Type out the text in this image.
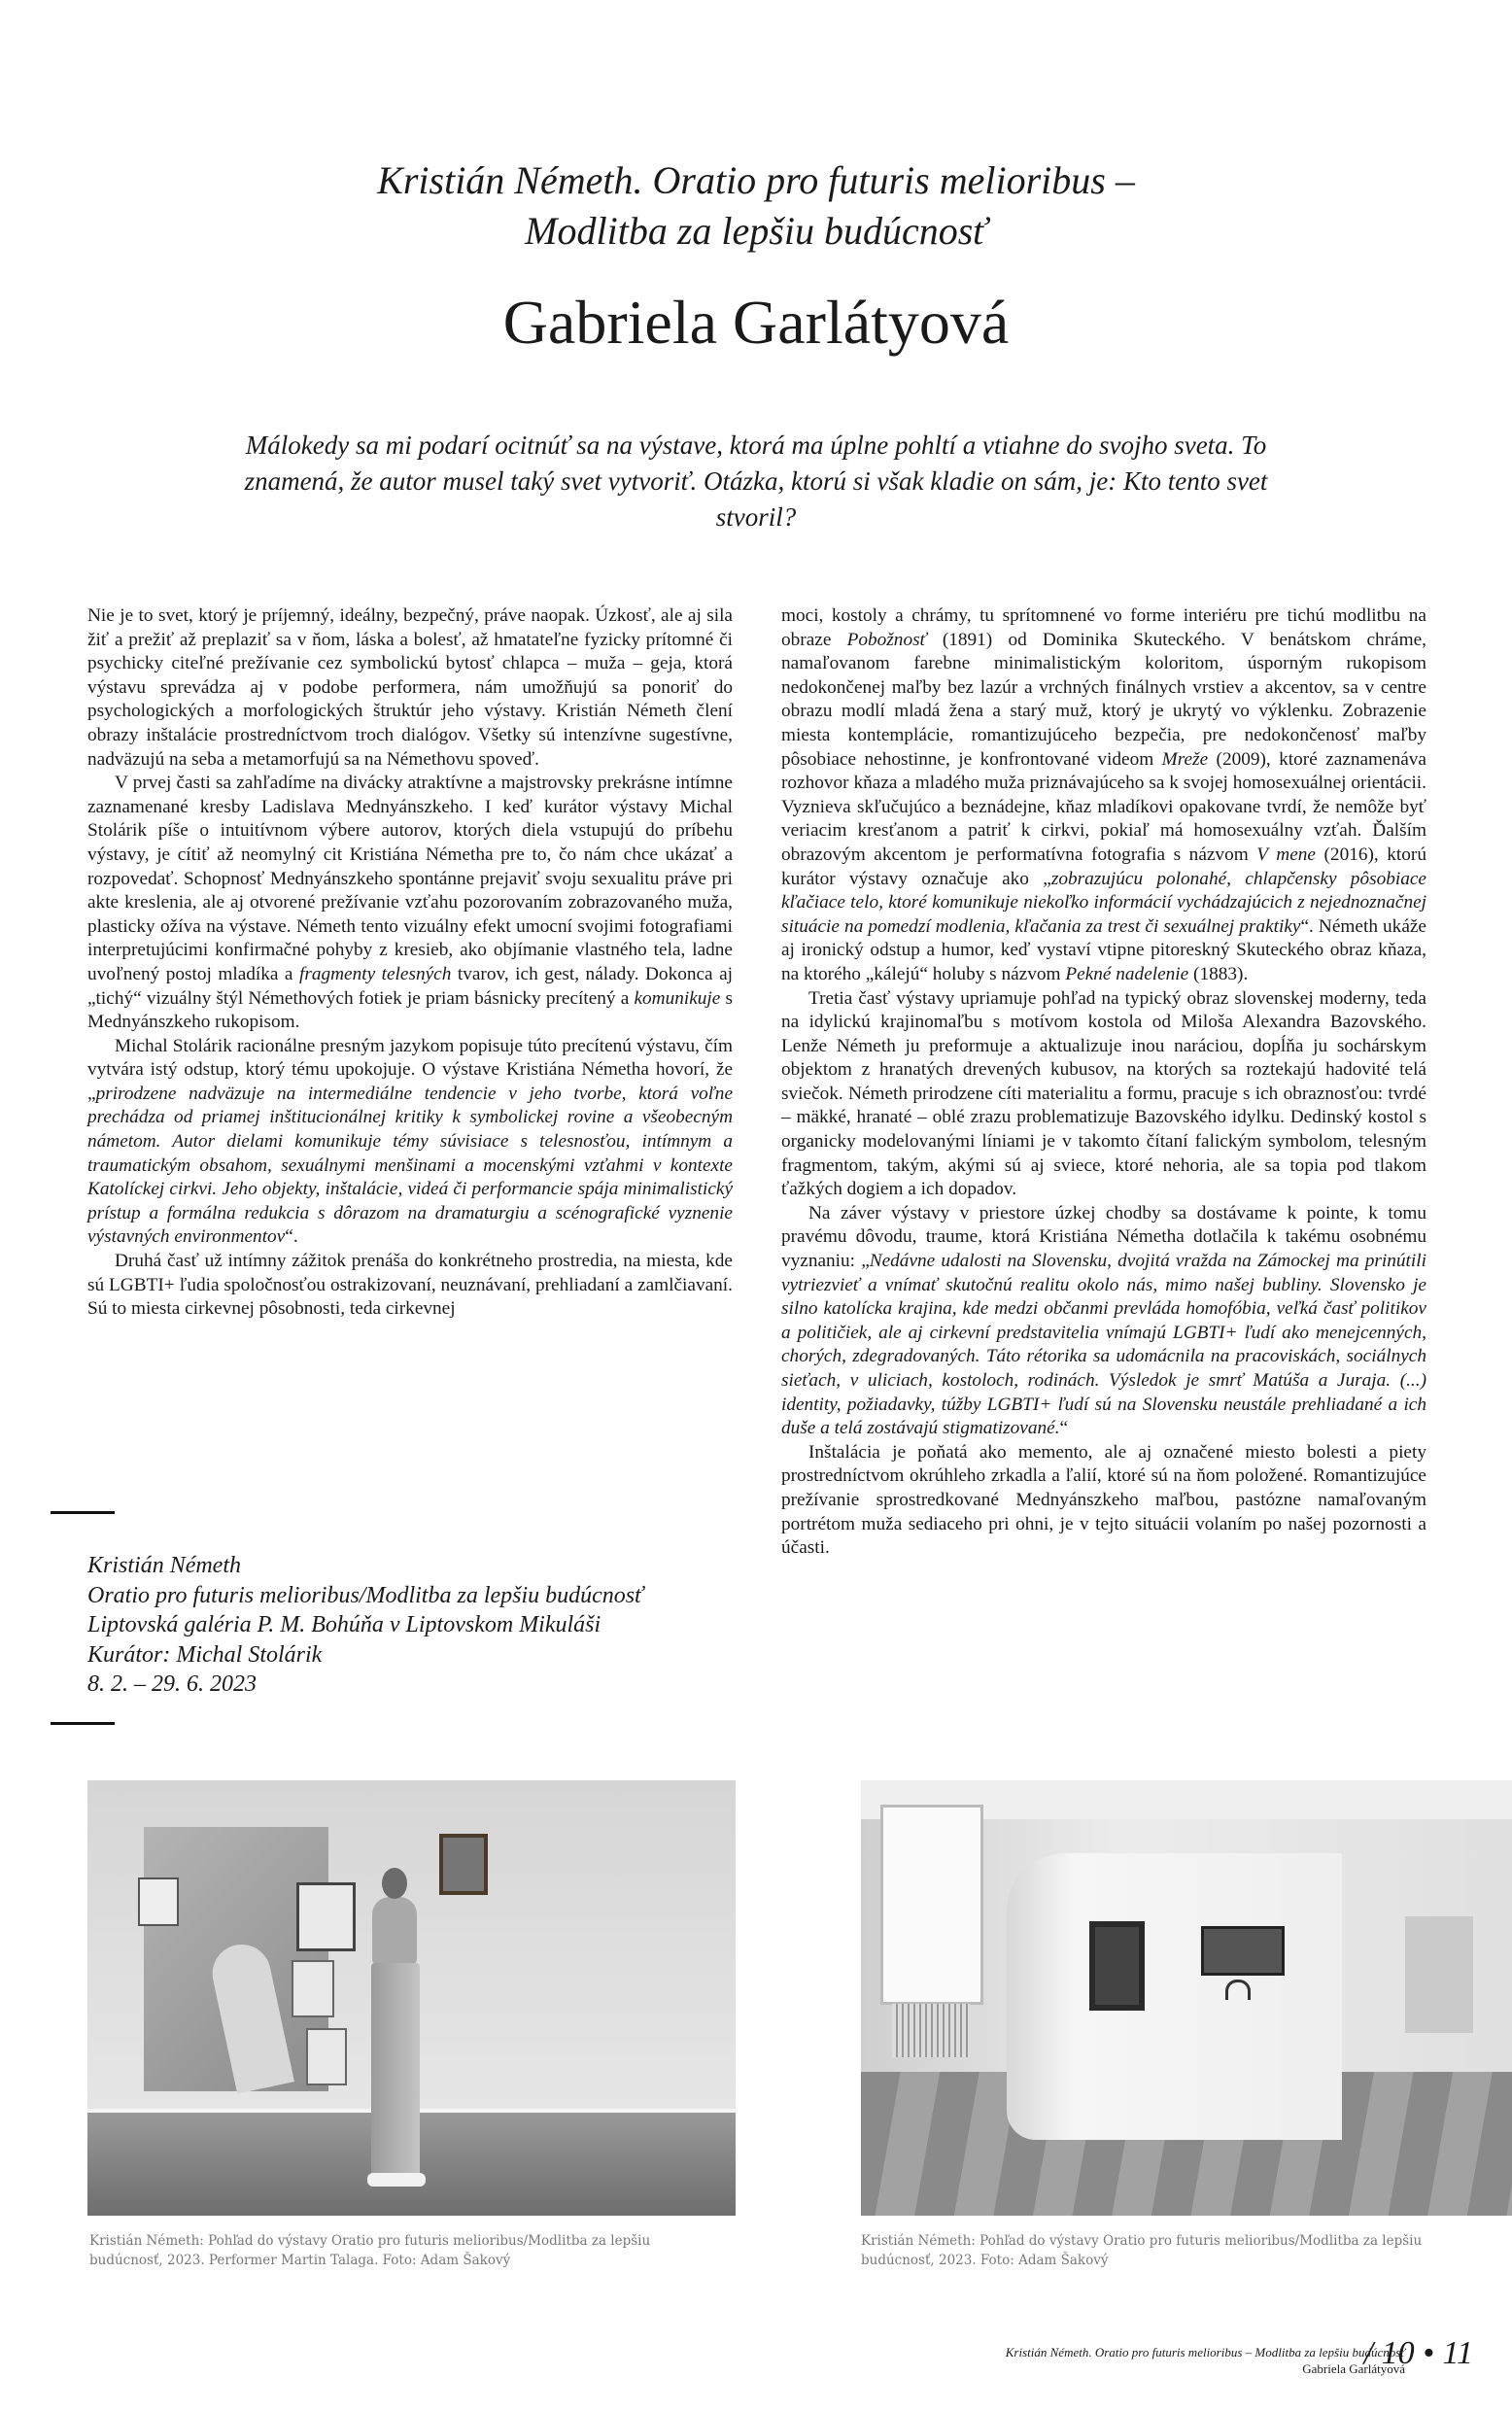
Kristián Németh. Oratio pro futuris melioribus –
Modlitba za lepšiu budúcnosť
Gabriela Garlátyová
Málokedy sa mi podarí ocitnúť sa na výstave, ktorá ma úplne pohltí a vtiahne do svojho sveta. To znamená, že autor musel taký svet vytvoriť. Otázka, ktorú si však kladie on sám, je: Kto tento svet stvoril?

Nie je to svet, ktorý je príjemný, ideálny, bezpečný, práve naopak. Úzkosť, ale aj sila žiť a prežiť až preplaziť sa v ňom, láska a bolesť, až hmatateľne fyzicky prítomné či psychicky citeľné prežívanie cez symbolickú bytosť chlapca – muža – geja, ktorá výstavu sprevádza aj v podobe performera, nám umožňujú sa ponoriť do psychologických a morfologických štruktúr jeho výstavy. Kristián Németh člení obrazy inštalácie prostredníctvom troch dialógov. Všetky sú intenzívne sugestívne, nadväzujú na seba a metamorfujú sa na Némethovu spoveď.

V prvej časti sa zahľadíme na divácky atraktívne a majstrovsky prekrásne intímne zaznamenané kresby Ladislava Mednyánszkeho. I keď kurátor výstavy Michal Stolárik píše o intuitívnom výbere autorov, ktorých diela vstupujú do príbehu výstavy, je cítiť až neomylný cit Kristiána Németha pre to, čo nám chce ukázať a rozpovedať. Schopnosť Mednyánszkeho spontánne prejaviť svoju sexualitu práve pri akte kreslenia, ale aj otvorené prežívanie vzťahu pozorovaním zobrazovaného muža, plasticky ožíva na výstave. Németh tento vizuálny efekt umocní svojimi fotografiami interpretujúcimi konfirmačné pohyby z kresieb, ako objímanie vlastného tela, ladne uvoľnený postoj mladíka a fragmenty telesných tvarov, ich gest, nálady. Dokonca aj „tichý“ vizuálny štýl Némethových fotiek je priam básnicky precítený a komunikuje s Mednyánszkeho rukopisom.

Michal Stolárik racionálne presným jazykom popisuje túto precítenú výstavu, čím vytvára istý odstup, ktorý tému upokojuje. O výstave Kristiána Németha hovorí, že „prirodzene nadväzuje na intermediálne tendencie v jeho tvorbe, ktorá voľne prechádza od priamej inštitucionálnej kritiky k symbolickej rovine a všeobecným námetom. Autor dielami komunikuje témy súvisiace s telesnosťou, intímnym a traumatickým obsahom, sexuálnymi menšinami a mocenskými vzťahmi v kontexte Katolíckej cirkvi. Jeho objekty, inštalácie, videá či performancie spája minimalistický prístup a formálna redukcia s dôrazom na dramaturgiu a scénografické vyznenie výstavných environmentov“.

Druhá časť už intímny zážitok prenáša do konkrétneho prostredia, na miesta, kde sú LGBTI+ ľudia spoločnosťou ostrakizovaní, neuznávaní, prehliadaní a zamlčiavaní. Sú to miesta cirkevnej pôsobnosti, teda cirkevnej

moci, kostoly a chrámy, tu sprítomnené vo forme interiéru pre tichú modlitbu na obraze Pobožnosť (1891) od Dominika Skuteckého. V benátskom chráme, namaľovanom farebne minimalistickým koloritom, úsporným rukopisom nedokončenej maľby bez lazúr a vrchných finálnych vrstiev a akcentov, sa v centre obrazu modlí mladá žena a starý muž, ktorý je ukrytý vo výklenku. Zobrazenie miesta kontemplácie, romantizujúceho bezpečia, pre nedokončenosť maľby pôsobiace nehostinne, je konfrontované videom Mreže (2009), ktoré zaznamenáva rozhovor kňaza a mladého muža priznávajúceho sa k svojej homosexuálnej orientácii. Vyznieva skľučujúco a beznádejne, kňaz mladíkovi opakovane tvrdí, že nemôže byť veriacim kresťanom a patriť k cirkvi, pokiaľ má homosexuálny vzťah. Ďalším obrazovým akcentom je performatívna fotografia s názvom V mene (2016), ktorú kurátor výstavy označuje ako „zobrazujúcu polonahé, chlapčensky pôsobiace kľačiace telo, ktoré komunikuje niekoľko informácií vychádzajúcich z nejednoznačnej situácie na pomedzí modlenia, kľačania za trest či sexuálnej praktiky“. Németh ukáže aj ironický odstup a humor, keď vystaví vtipne pitoreskný Skuteckého obraz kňaza, na ktorého „kálejú“ holuby s názvom Pekné nadelenie (1883).

Tretia časť výstavy upriamuje pohľad na typický obraz slovenskej moderny, teda na idylickú krajinomaľbu s motívom kostola od Miloša Alexandra Bazovského. Lenže Németh ju preformuje a aktualizuje inou naráciou, dopĺňa ju sochárskym objektom z hranatých drevených kubusov, na ktorých sa roztekajú hadovité telá sviečok. Németh prirodzene cíti materialitu a formu, pracuje s ich obraznosťou: tvrdé – mäkké, hranaté – oblé zrazu problematizuje Bazovského idylku. Dedinský kostol s organicky modelovanými líniami je v takomto čítaní falickým symbolom, telesným fragmentom, takým, akými sú aj sviece, ktoré nehoria, ale sa topia pod tlakom ťažkých dogiem a ich dopadov.

Na záver výstavy v priestore úzkej chodby sa dostávame k pointe, k tomu pravému dôvodu, traume, ktorá Kristiána Németha dotlačila k takému osobnému vyznaniu: „Nedávne udalosti na Slovensku, dvojitá vražda na Zámockej ma prinútili vytriezvieť a vnímať skutočnú realitu okolo nás, mimo našej bubliny. Slovensko je silno katolícka krajina, kde medzi občanmi prevláda homofóbia, veľká časť politikov a političiek, ale aj cirkevní predstavitelia vnímajú LGBTI+ ľudí ako menejcenných, chorých, zdegradovaných. Táto rétorika sa udomácnila na pracoviskách, sociálnych sieťach, v uliciach, kostoloch, rodinách. Výsledok je smrť Matúša a Juraja. (...) identity, požiadavky, túžby LGBTI+ ľudí sú na Slovensku neustále prehliadané a ich duše a telá zostávajú stigmatizované.“

Inštalácia je poňatá ako memento, ale aj označené miesto bolesti a piety prostredníctvom okrúhleho zrkadla a ľalií, ktoré sú na ňom položené. Romantizujúce prežívanie sprostredkované Mednyánszkeho maľbou, pastózne namaľovaným portrétom muža sediaceho pri ohni, je v tejto situácii volaním po našej pozornosti a účasti.

Kristián Németh
Oratio pro futuris melioribus/Modlitba za lepšiu budúcnosť
Liptovská galéria P. M. Bohúňa v Liptovskom Mikuláši
Kurátor: Michal Stolárik
8. 2. – 29. 6. 2023
Kristián Németh: Pohľad do výstavy Oratio pro futuris melioribus/Modlitba za lepšiu budúcnosť, 2023. Performer Martin Talaga. Foto: Adam Šakový
Kristián Németh: Pohľad do výstavy Oratio pro futuris melioribus/Modlitba za lepšiu budúcnosť, 2023. Foto: Adam Šakový
Kristián Németh. Oratio pro futuris melioribus – Modlitba za lepšiu budúcnosť
Gabriela Garlátyová
/ 10 • 11
